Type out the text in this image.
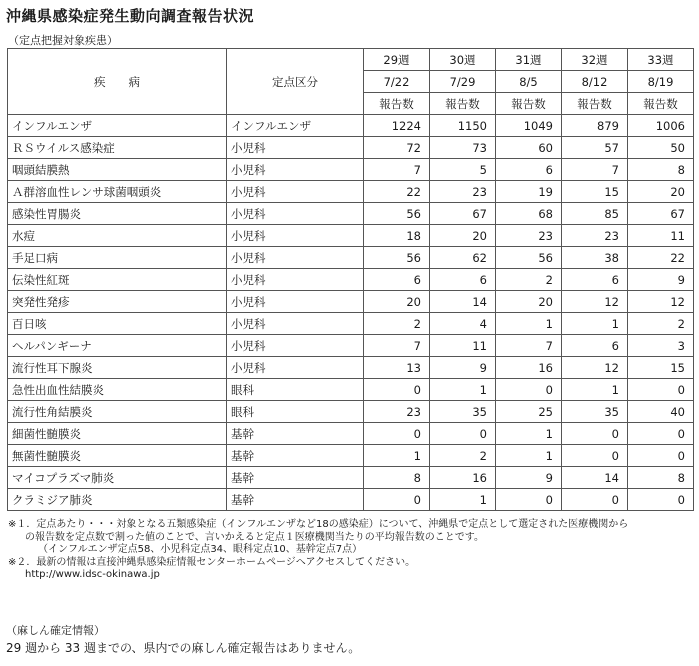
沖縄県感染症発生動向調査報告状況
（定点把握対象疾患）
疾　　病	定点区分	29週	30週	31週	32週	33週
		7/22	7/29	8/5	8/12	8/19
		報告数	報告数	報告数	報告数	報告数
インフルエンザ	インフルエンザ	1224	1150	1049	879	1006
ＲＳウイルス感染症	小児科	72	73	60	57	50
咽頭結膜熱	小児科	7	5	6	7	8
Ａ群溶血性レンサ球菌咽頭炎	小児科	22	23	19	15	20
感染性胃腸炎	小児科	56	67	68	85	67
水痘	小児科	18	20	23	23	11
手足口病	小児科	56	62	56	38	22
伝染性紅斑	小児科	6	6	2	6	9
突発性発疹	小児科	20	14	20	12	12
百日咳	小児科	2	4	1	1	2
ヘルパンギーナ	小児科	7	11	7	6	3
流行性耳下腺炎	小児科	13	9	16	12	15
急性出血性結膜炎	眼科	0	1	0	1	0
流行性角結膜炎	眼科	23	35	25	35	40
細菌性髄膜炎	基幹	0	0	1	0	0
無菌性髄膜炎	基幹	1	2	1	0	0
マイコプラズマ肺炎	基幹	8	16	9	14	8
クラミジア肺炎	基幹	0	1	0	0	0
※１．定点あたり・・・対象となる五類感染症（インフルエンザなど18の感染症）について、沖縄県で定点として選定された医療機関から
の報告数を定点数で割った値のことで、言いかえると定点１医療機関当たりの平均報告数のことです。
（インフルエンザ定点58、小児科定点34、眼科定点10、基幹定点7点）
※２．最新の情報は直接沖縄県感染症情報センターホームページへアクセスしてください。
http://www.idsc-okinawa.jp
（麻しん確定情報）
29 週から 33 週までの、県内での麻しん確定報告はありません。
